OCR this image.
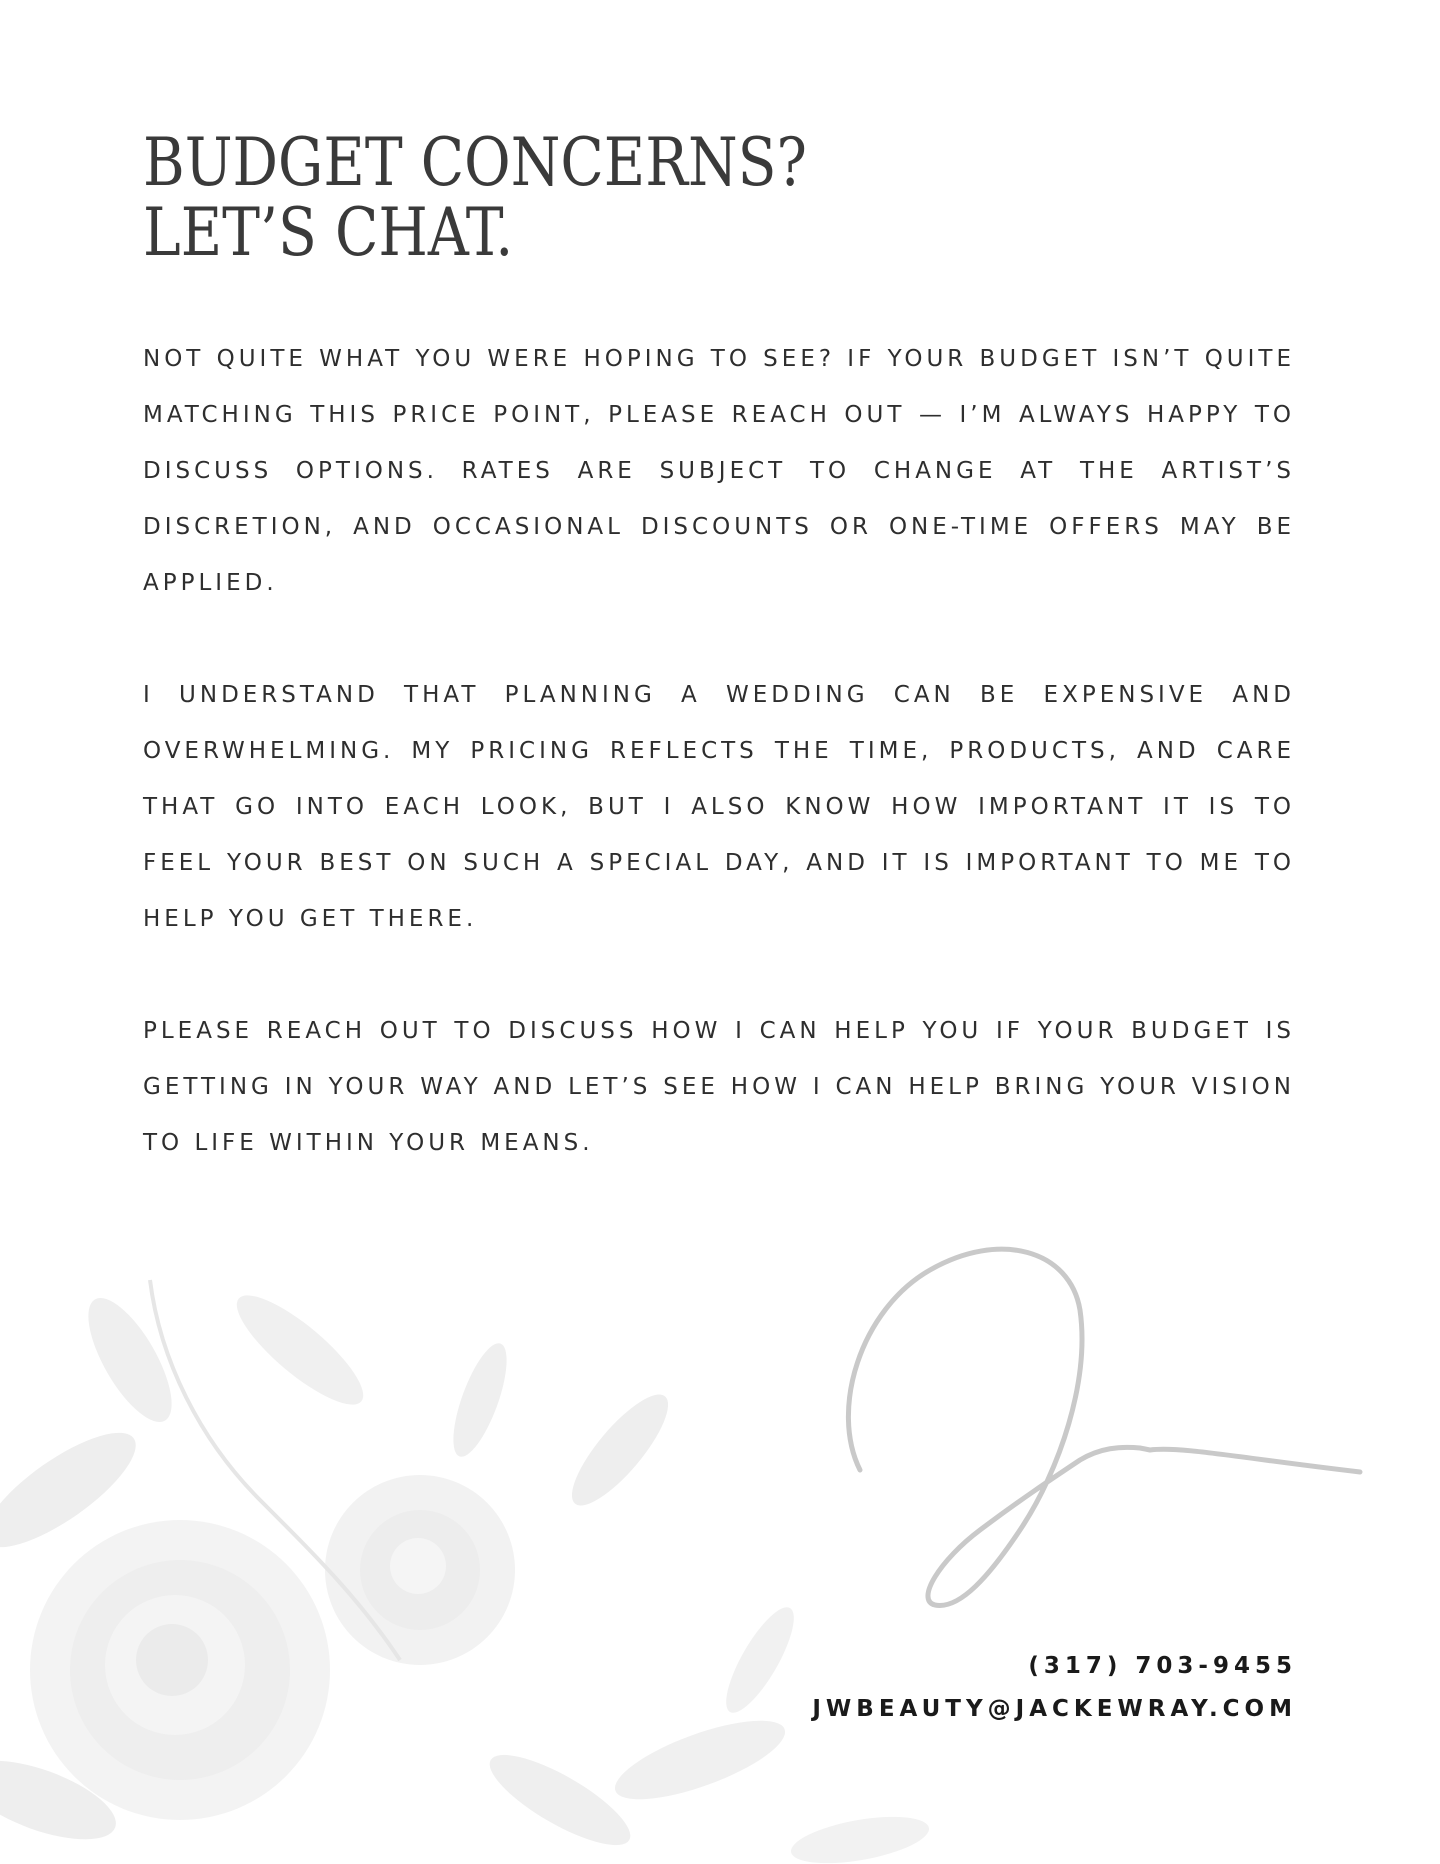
BUDGET CONCERNS?
LET’S CHAT.

NOT QUITE WHAT YOU WERE HOPING TO SEE? IF YOUR BUDGET ISN’T QUITE MATCHING THIS PRICE POINT, PLEASE REACH OUT — I’M ALWAYS HAPPY TO DISCUSS OPTIONS. RATES ARE SUBJECT TO CHANGE AT THE ARTIST’S DISCRETION, AND OCCASIONAL DISCOUNTS OR ONE-TIME OFFERS MAY BE APPLIED.

I UNDERSTAND THAT PLANNING A WEDDING CAN BE EXPENSIVE AND OVERWHELMING. MY PRICING REFLECTS THE TIME, PRODUCTS, AND CARE THAT GO INTO EACH LOOK, BUT I ALSO KNOW HOW IMPORTANT IT IS TO FEEL YOUR BEST ON SUCH A SPECIAL DAY, AND IT IS IMPORTANT TO ME TO HELP YOU GET THERE.

PLEASE REACH OUT TO DISCUSS HOW I CAN HELP YOU IF YOUR BUDGET IS GETTING IN YOUR WAY AND LET’S SEE HOW I CAN HELP BRING YOUR VISION TO LIFE WITHIN YOUR MEANS.

(317) 703-9455
JWBEAUTY@JACKEWRAY.COM
